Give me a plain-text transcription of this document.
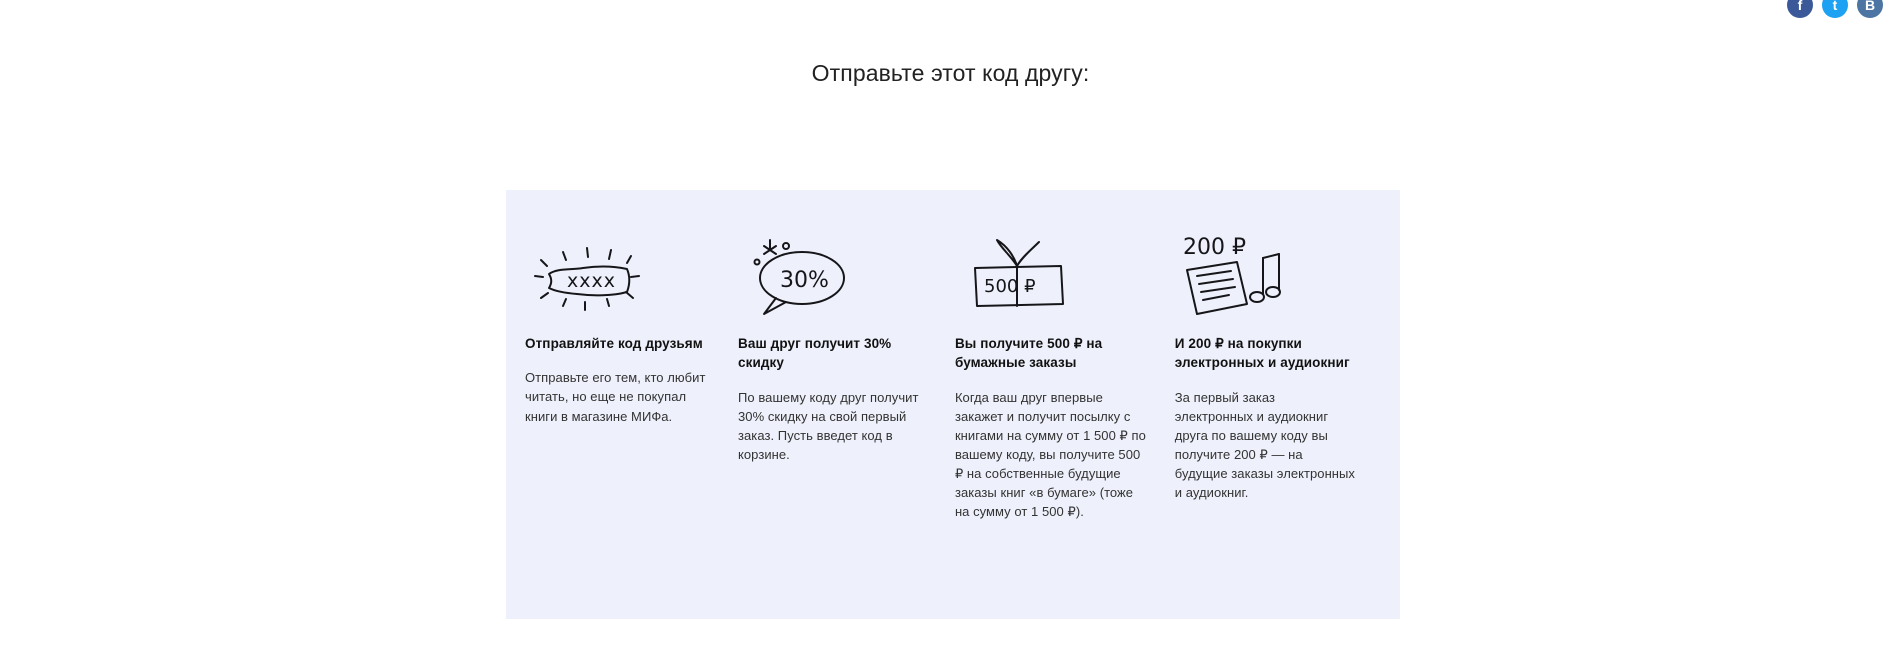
f t B
Отправьте этот код другу:
xxxx
Отправляйте код друзьям
Отправьте его тем, кто любит читать, но еще не покупал книги в магазине МИФа.
30%
Ваш друг получит 30% скидку
По вашему коду друг получит 30% скидку на свой первый заказ. Пусть введет код в корзине.
500 ₽
Вы получите 500 ₽ на бумажные заказы
Когда ваш друг впервые закажет и получит посылку с книгами на сумму от 1 500 ₽ по вашему коду, вы получите 500 ₽ на собственные будущие заказы книг «в бумаге» (тоже на сумму от 1 500 ₽).
200 ₽
И 200 ₽ на покупки электронных и аудиокниг
За первый заказ электронных и аудиокниг друга по вашему коду вы получите 200 ₽ — на будущие заказы электронных и аудиокниг.
